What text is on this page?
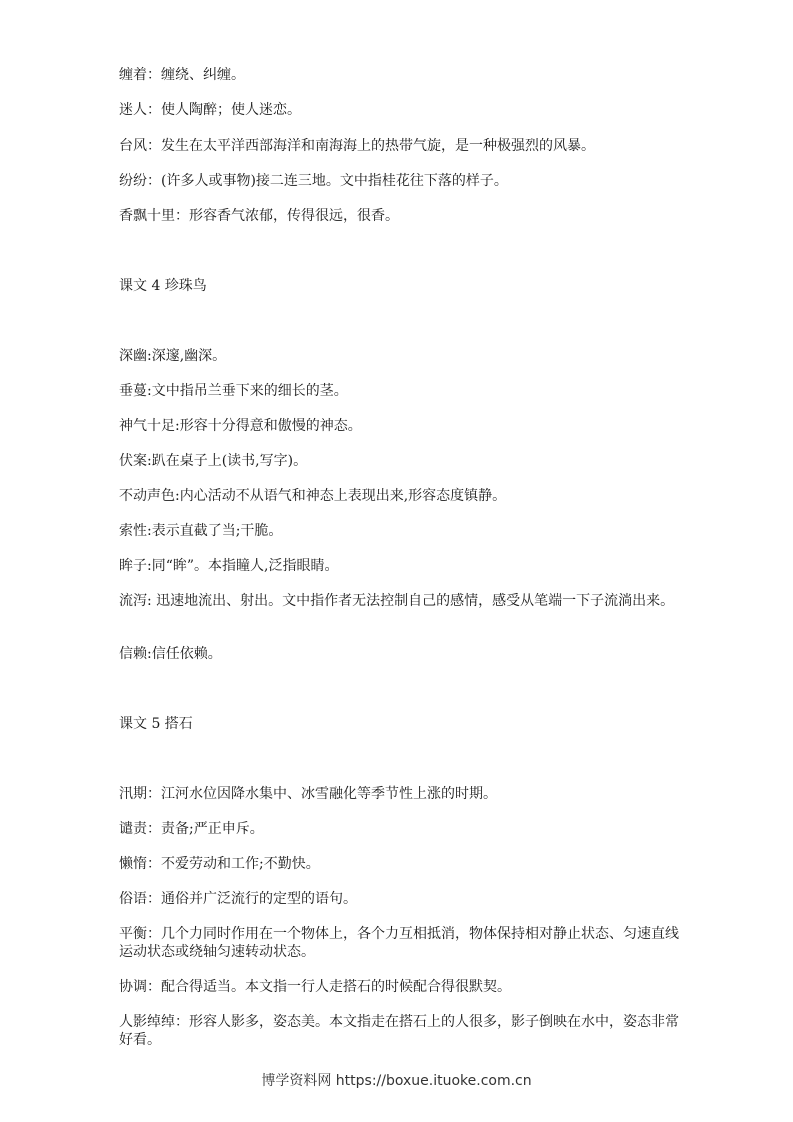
缠着：缠绕、纠缠。
迷人：使人陶醉；使人迷恋。
台风：发生在太平洋西部海洋和南海海上的热带气旋，是一种极强烈的风暴。
纷纷：(许多人或事物)接二连三地。文中指桂花往下落的样子。
香飘十里：形容香气浓郁，传得很远，很香。
课文 4 珍珠鸟
深幽:深邃,幽深。
垂蔓:文中指吊兰垂下来的细长的茎。
神气十足:形容十分得意和傲慢的神态。
伏案:趴在桌子上(读书,写字)。
不动声色:内心活动不从语气和神态上表现出来,形容态度镇静。
索性:表示直截了当;干脆。
眸子:同“眸”。本指瞳人,泛指眼睛。
流泻: 迅速地流出、射出。文中指作者无法控制自己的感情，感受从笔端一下子流淌出来。
信赖:信任依赖。
课文 5 搭石
汛期：江河水位因降水集中、冰雪融化等季节性上涨的时期。
谴责：责备;严正申斥。
懒惰：不爱劳动和工作;不勤快。
俗语：通俗并广泛流行的定型的语句。
平衡：几个力同时作用在一个物体上，各个力互相抵消，物体保持相对静止状态、匀速直线运动状态或绕轴匀速转动状态。
协调：配合得适当。本文指一行人走搭石的时候配合得很默契。
人影绰绰：形容人影多，姿态美。本文指走在搭石上的人很多，影子倒映在水中，姿态非常好看。
博学资料网 https://boxue.ituoke.com.cn
